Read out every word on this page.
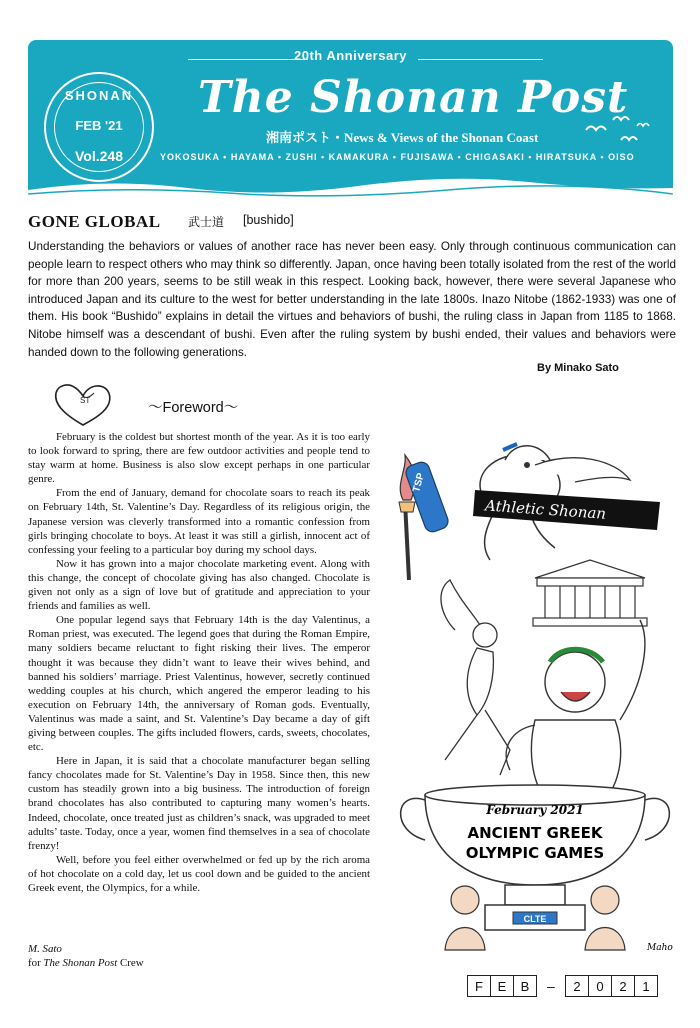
20th Anniversary
SHONAN
FEB '21
Vol.248
The Shonan Post
湘南ポスト・News & Views of the Shonan Coast
YOKOSUKA • HAYAMA • ZUSHI • KAMAKURA • FUJISAWA • CHIGASAKI • HIRATSUKA • OISO
GONE GLOBAL 武士道 [bushido]

Understanding the behaviors or values of another race has never been easy. Only through continuous communication can people learn to respect others who may think so differently. Japan, once having been totally isolated from the rest of the world for more than 200 years, seems to be still weak in this respect. Looking back, however, there were several Japanese who introduced Japan and its culture to the west for better understanding in the late 1800s. Inazo Nitobe (1862-1933) was one of them. His book “Bushido” explains in detail the virtues and behaviors of bushi, the ruling class in Japan from 1185 to 1868. Nitobe himself was a descendant of bushi. Even after the ruling system by bushi ended, their values and behaviors were handed down to the following generations.

By Minako Sato
ST	～Foreword～

February is the coldest but shortest month of the year. As it is too early to look forward to spring, there are few outdoor activities and people tend to stay warm at home. Business is also slow except perhaps in one particular genre.

From the end of January, demand for chocolate soars to reach its peak on February 14th, St. Valentine’s Day. Regardless of its religious origin, the Japanese version was cleverly transformed into a romantic confession from girls bringing chocolate to boys. At least it was still a girlish, innocent act of confessing your feeling to a particular boy during my school days.

Now it has grown into a major chocolate marketing event. Along with this change, the concept of chocolate giving has also changed. Chocolate is given not only as a sign of love but of gratitude and appreciation to your friends and families as well.

One popular legend says that February 14th is the day Valentinus, a Roman priest, was executed. The legend goes that during the Roman Empire, many soldiers became reluctant to fight risking their lives. The emperor thought it was because they didn’t want to leave their wives behind, and banned his soldiers’ marriage. Priest Valentinus, however, secretly continued wedding couples at his church, which angered the emperor leading to his execution on February 14th, the anniversary of Roman gods. Eventually, Valentinus was made a saint, and St. Valentine’s Day became a day of gift giving between couples. The gifts included flowers, cards, sweets, chocolates, etc.

Here in Japan, it is said that a chocolate manufacturer began selling fancy chocolates made for St. Valentine’s Day in 1958. Since then, this new custom has steadily grown into a big business. The introduction of foreign brand chocolates has also contributed to capturing many women’s hearts. Indeed, chocolate, once treated just as children’s snack, was upgraded to meet adults’ taste. Today, once a year, women find themselves in a sea of chocolate frenzy!

Well, before you feel either overwhelmed or fed up by the rich aroma of hot chocolate on a cold day, let us cool down and be guided to the ancient Greek event, the Olympics, for a while.

M. Sato
for The Shonan Post Crew
TSP
Athletic Shonan
February 2021
ANCIENT GREEK
OLYMPIC GAMES
CLTE
Maho
F	E	B	–	2	0	2	1
